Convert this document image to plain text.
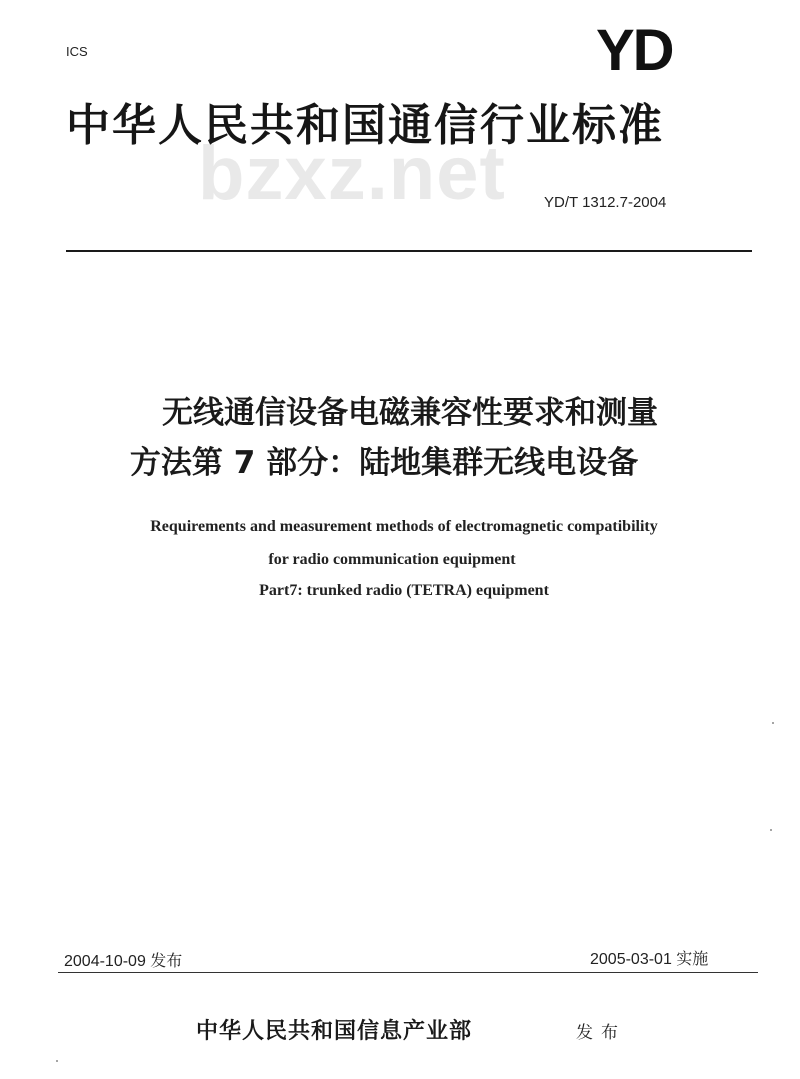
ICS	YD
bzxz.net
中华人民共和国通信行业标准
YD/T 1312.7-2004
无线通信设备电磁兼容性要求和测量
方法第 7 部分：陆地集群无线电设备
Requirements and measurement methods of electromagnetic compatibility
for radio communication equipment
Part7: trunked radio (TETRA) equipment
2004-10-09 发布	2005-03-01 实施
中华人民共和国信息产业部	发布
